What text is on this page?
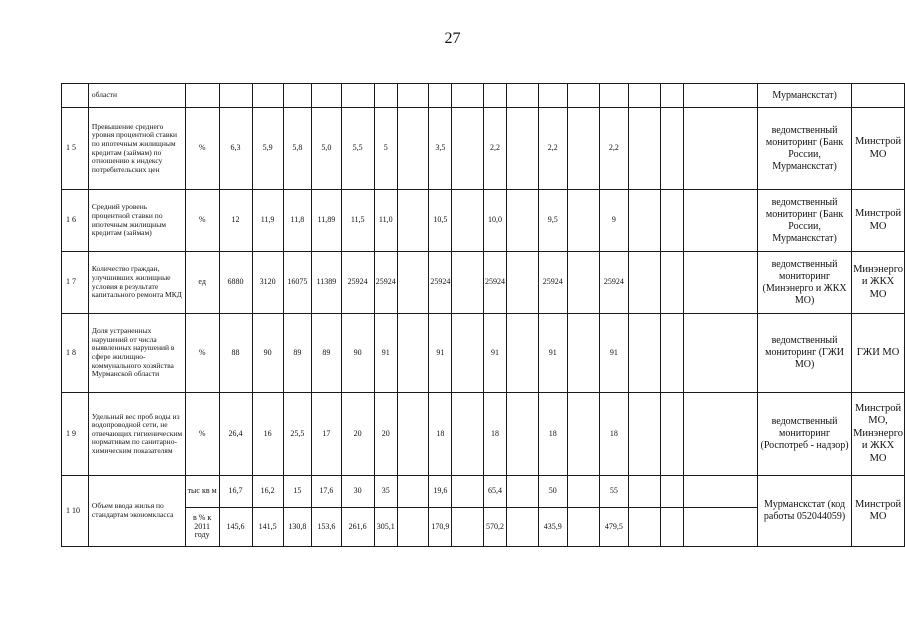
27
	области																			Мурманскстат)	
1 5	Превышение среднего уровня процентной ставки по ипотечным жилищным кредитам (займам) по отношению к индексу потребительских цен	%	6,3	5,9	5,8	5,0	5,5	5		3,5		2,2		2,2		2,2				ведомственный мониторинг (Банк России, Мурманскстат)	Минстрой МО
1 6	Средний уровень процентной ставки по ипотечным жилищным кредитам (займам)	%	12	11,9	11,8	11,89	11,5	11,0		10,5		10,0		9,5		9				ведомственный мониторинг (Банк России, Мурманскстат)	Минстрой МО
1 7	Количество граждан, улучшивших жилищные условия в результате капитального ремонта МКД	ед	6880	3120	16075	11389	25924	25924		25924		25924		25924		25924				ведомственный мониторинг (Минэнерго и ЖКХ МО)	Минэнерго и ЖКХ МО
1 8	Доля устраненных нарушений от числа выявленных нарушений в сфере жилищно-коммунального хозяйства Мурманской области	%	88	90	89	89	90	91		91		91		91		91				ведомственный мониторинг (ГЖИ МО)	ГЖИ МО
1 9	Удельный вес проб воды из водопроводной сети, не отвечающих гигиеническим нормативам по санитарно-химическим показателям	%	26,4	16	25,5	17	20	20		18		18		18		18				ведомственный мониторинг (Роспотреб - надзор)	Минстрой МО, Минэнерго и ЖКХ МО
1 10	Объем ввода жилья по стандартам экономкласса	тыс кв м	16,7	16,2	15	17,6	30	35		19,6		65,4		50		55				Мурманскстат (код работы 052044059)	Минстрой МО
		в % к 2011 году	145,6	141,5	130,8	153,6	261,6	305,1		170,9		570,2		435,9		479,5					
